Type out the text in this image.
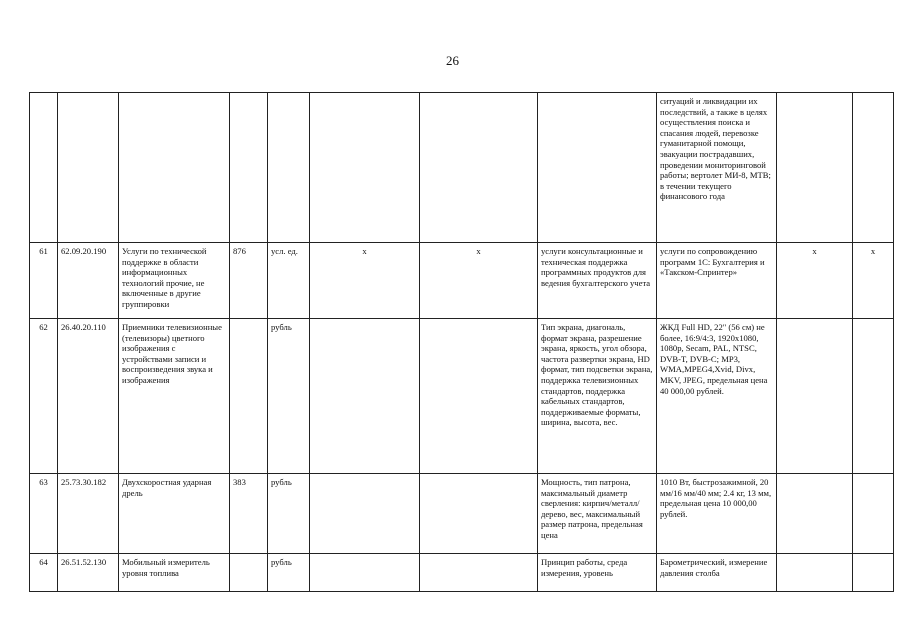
26
								ситуаций и ликвидации их последствий, а также в целях осуществления поиска и спасания людей, перевозке гуманитарной помощи, эвакуации пострадавших, проведении мониторинговой работы; вертолет МИ-8, МТВ; в течении текущего финансового года		
61	62.09.20.190	Услуги по технической поддержке в области информационных технологий прочие, не включенные в другие группировки	876	усл. ед.	x	x	услуги консультационные и техническая поддержка программных продуктов для ведения бухгалтерского учета	услуги по сопровождению программ 1С: Бухгалтерия и «Такском-Спринтер»	x	x
62	26.40.20.110	Приемники телевизионные (телевизоры) цветного изображения с устройствами записи и воспроизведения звука и изображения		рубль			Тип экрана, диагональ, формат экрана, разрешение экрана, яркость, угол обзора, частота развертки экрана, HD формат, тип подсветки экрана, поддержка телевизионных стандартов, поддержка кабельных стандартов, поддерживаемые форматы, ширина, высота, вес.	ЖКД Full HD, 22" (56 см) не более, 16:9/4:3, 1920x1080, 1080p, Secam, PAL, NTSC, DVB-T, DVB-C; MP3, WMA,MPEG4,Xvid, Divx, MKV, JPEG, предельная цена 40 000,00 рублей.		
63	25.73.30.182	Двухскоростная ударная дрель	383	рубль			Мощность, тип патрона, максимальный диаметр сверления: кирпич/металл/дерево, вес, максимальный размер патрона, предельная цена	1010 Вт, быстрозажимной, 20 мм/16 мм/40 мм; 2.4 кг, 13 мм, предельная цена 10 000,00 рублей.		
64	26.51.52.130	Мобильный измеритель уровня топлива		рубль			Принцип работы, среда измерения, уровень	Барометрический, измерение давления столба		
